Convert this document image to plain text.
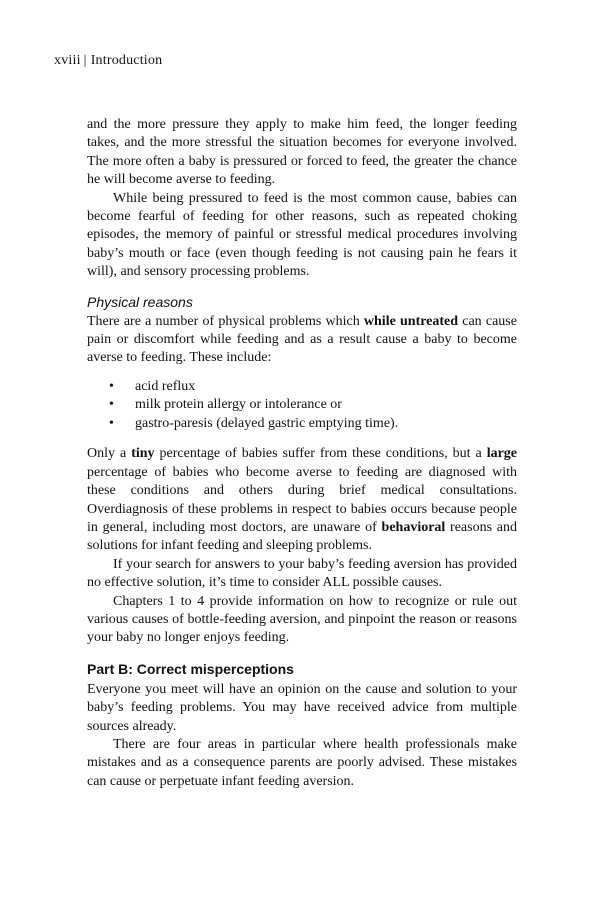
xviii | Introduction

and the more pressure they apply to make him feed, the longer feeding takes, and the more stressful the situation becomes for everyone involved. The more often a baby is pressured or forced to feed, the greater the chance he will become averse to feeding.

While being pressured to feed is the most common cause, babies can become fearful of feeding for other reasons, such as repeated choking episodes, the memory of painful or stressful medical procedures involving baby’s mouth or face (even though feeding is not causing pain he fears it will), and sensory processing problems.

Physical reasons

There are a number of physical problems which while untreated can cause pain or discomfort while feeding and as a result cause a baby to become averse to feeding. These include:

• acid reflux
• milk protein allergy or intolerance or
• gastro-paresis (delayed gastric emptying time).

Only a tiny percentage of babies suffer from these conditions, but a large percentage of babies who become averse to feeding are diagnosed with these conditions and others during brief medical consultations. Overdiagnosis of these problems in respect to babies occurs because people in general, including most doctors, are unaware of behavioral reasons and solutions for infant feeding and sleeping problems.

If your search for answers to your baby’s feeding aversion has provided no effective solution, it’s time to consider ALL possible causes.

Chapters 1 to 4 provide information on how to recognize or rule out various causes of bottle-feeding aversion, and pinpoint the reason or reasons your baby no longer enjoys feeding.

Part B: Correct misperceptions

Everyone you meet will have an opinion on the cause and solution to your baby’s feeding problems. You may have received advice from multiple sources already.

There are four areas in particular where health professionals make mistakes and as a consequence parents are poorly advised. These mistakes can cause or perpetuate infant feeding aversion.
